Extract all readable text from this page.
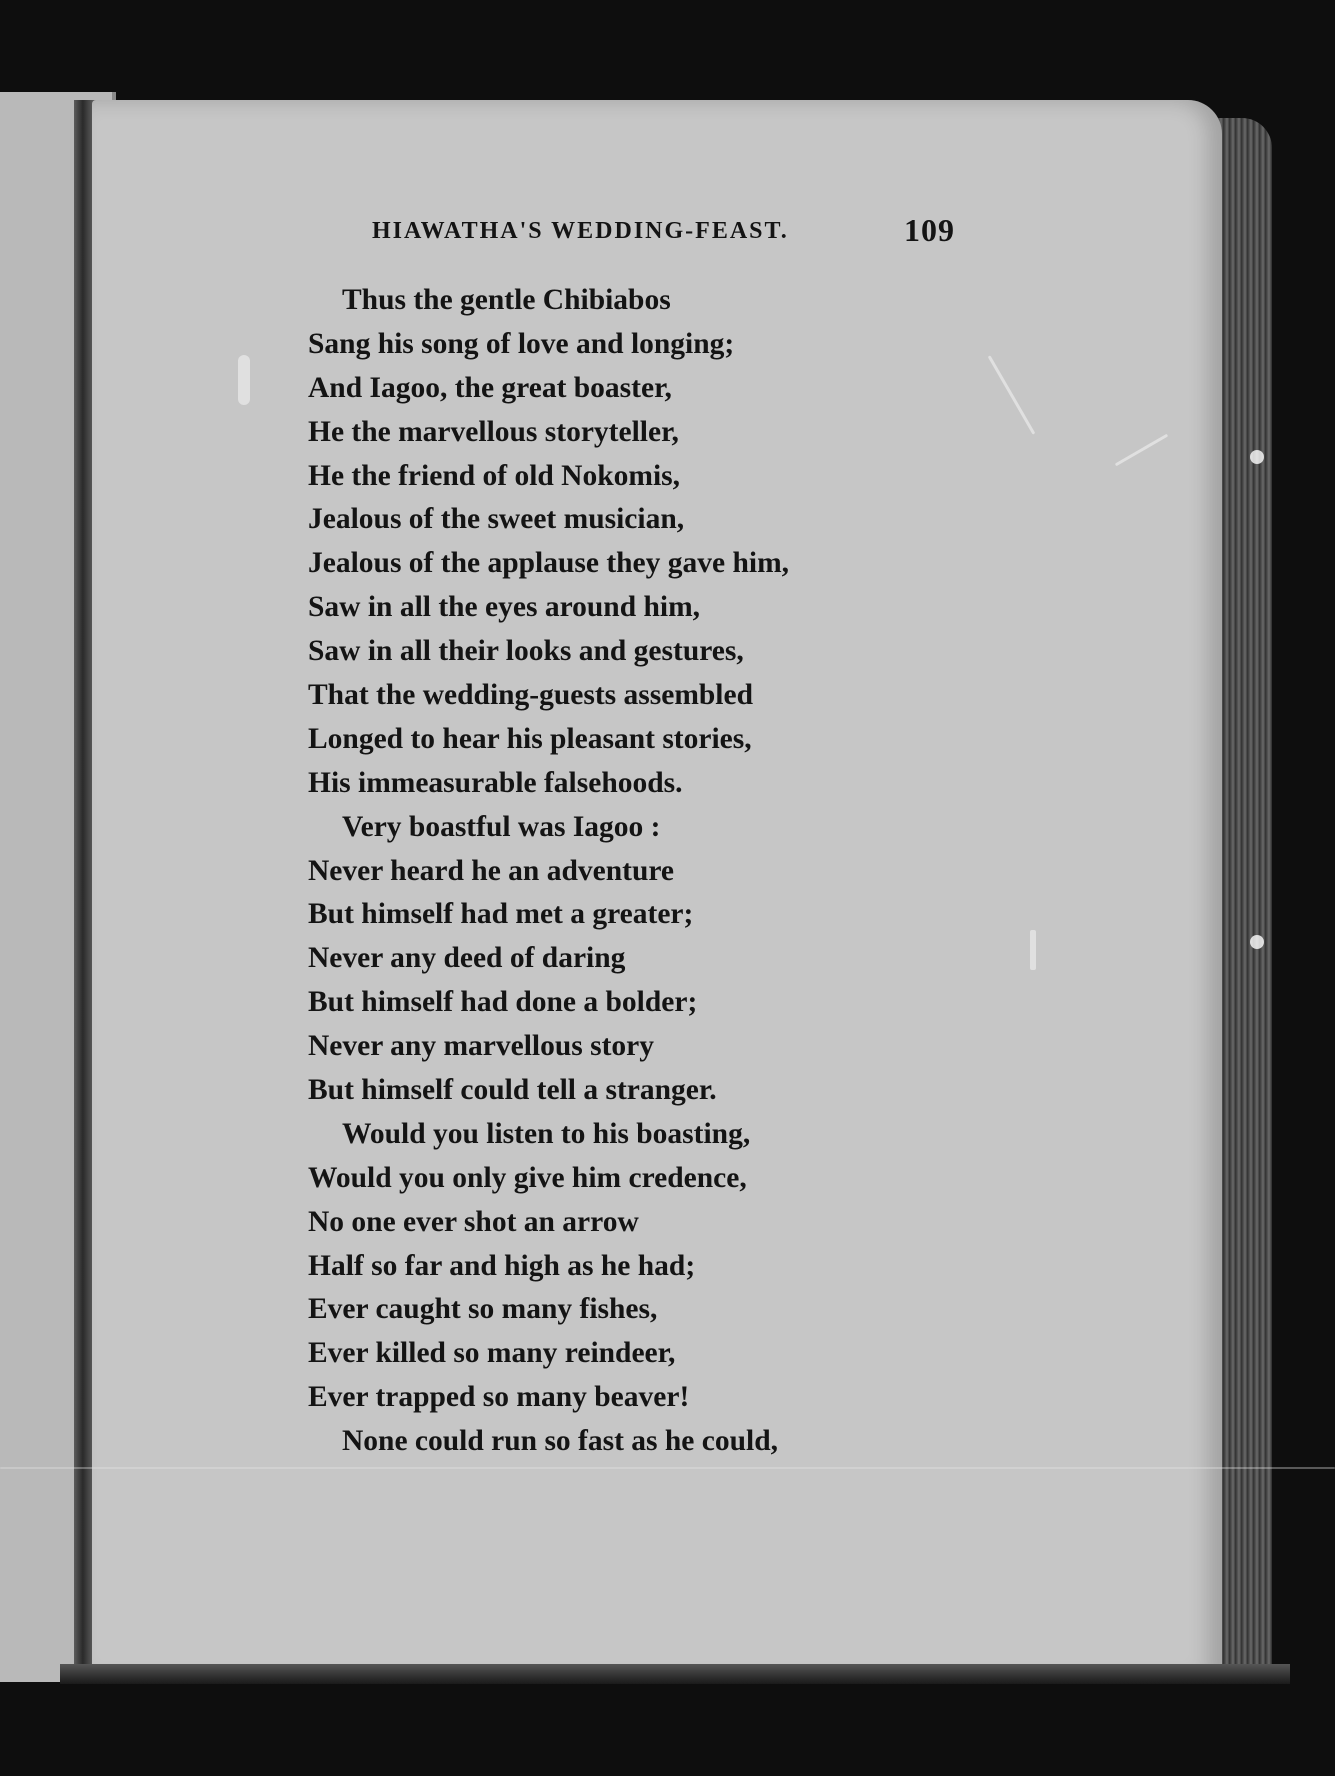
HIAWATHA'S WEDDING-FEAST.	109
Thus the gentle Chibiabos
Sang his song of love and longing;
And Iagoo, the great boaster,
He the marvellous storyteller,
He the friend of old Nokomis,
Jealous of the sweet musician,
Jealous of the applause they gave him,
Saw in all the eyes around him,
Saw in all their looks and gestures,
That the wedding-guests assembled
Longed to hear his pleasant stories,
His immeasurable falsehoods.
Very boastful was Iagoo :
Never heard he an adventure
But himself had met a greater;
Never any deed of daring
But himself had done a bolder;
Never any marvellous story
But himself could tell a stranger.
Would you listen to his boasting,
Would you only give him credence,
No one ever shot an arrow
Half so far and high as he had;
Ever caught so many fishes,
Ever killed so many reindeer,
Ever trapped so many beaver!
None could run so fast as he could,
